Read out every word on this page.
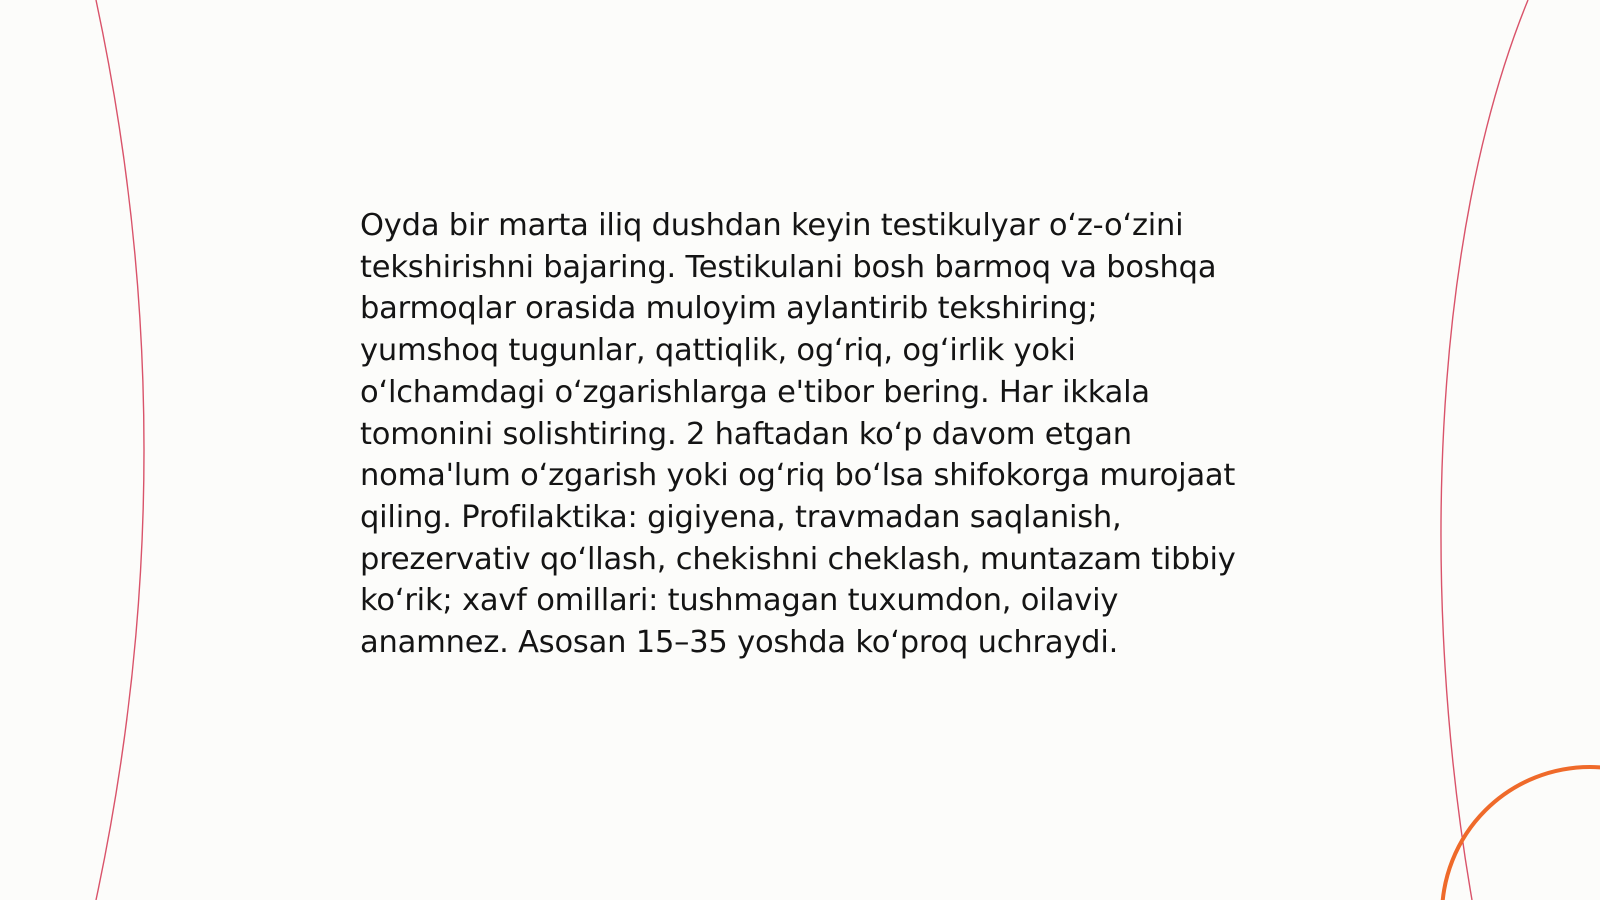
Oyda bir marta iliq dushdan keyin testikulyar o‘z-o‘zini tekshirishni bajaring. Testikulani bosh barmoq va boshqa barmoqlar orasida muloyim aylantirib tekshiring; yumshoq tugunlar, qattiqlik, og‘riq, og‘irlik yoki o‘lchamdagi o‘zgarishlarga e'tibor bering. Har ikkala tomonini solishtiring. 2 haftadan ko‘p davom etgan noma'lum o‘zgarish yoki og‘riq bo‘lsa shifokorga murojaat qiling. Profilaktika: gigiyena, travmadan saqlanish, prezervativ qo‘llash, chekishni cheklash, muntazam tibbiy ko‘rik; xavf omillari: tushmagan tuxumdon, oilaviy anamnez. Asosan 15–35 yoshda ko‘proq uchraydi.
